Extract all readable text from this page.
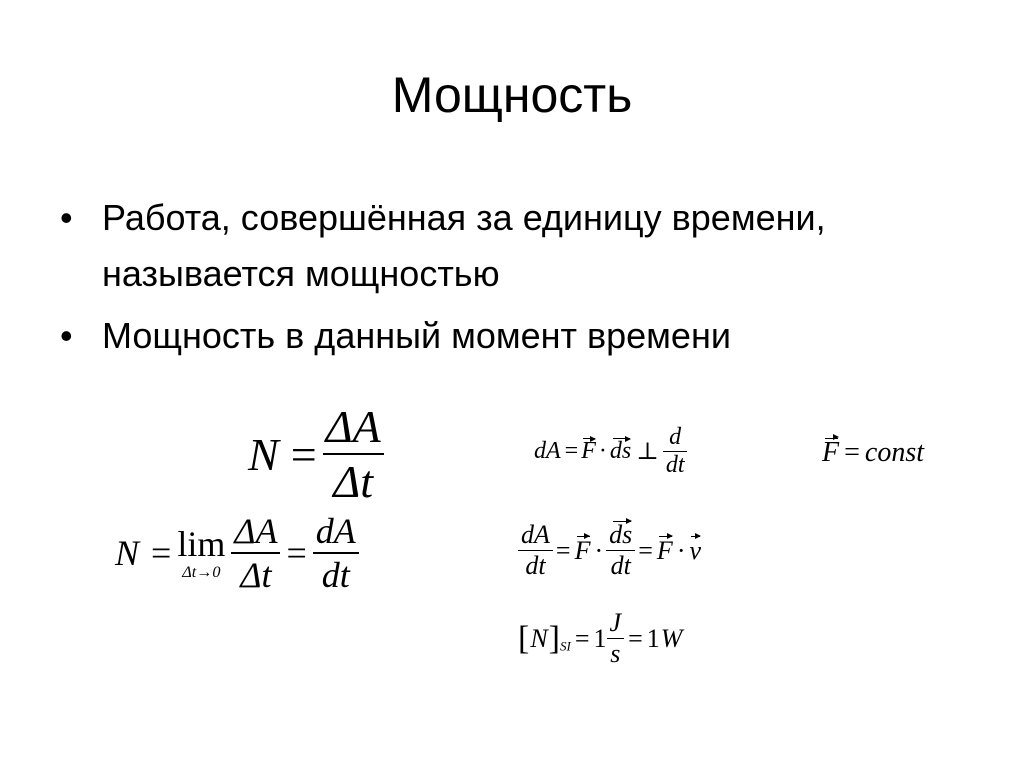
Мощность
• Работа, совершённая за единицу времени, называется мощностью
• Мощность в данный момент времени
$N = \frac{\Delta A}{\Delta t}$
N = lim
$\Delta t\to 0 \frac{\Delta A}{\Delta t} = \frac{dA}{dt}$
dA = F · ds ⊥ $\frac{d}{dt}$	F = const
$\frac{dA}{dt} = F \cdot \frac{ds}{dt} = F \cdot v$
$[N]_{SI} = 1 \frac{J}{s} = 1W$
